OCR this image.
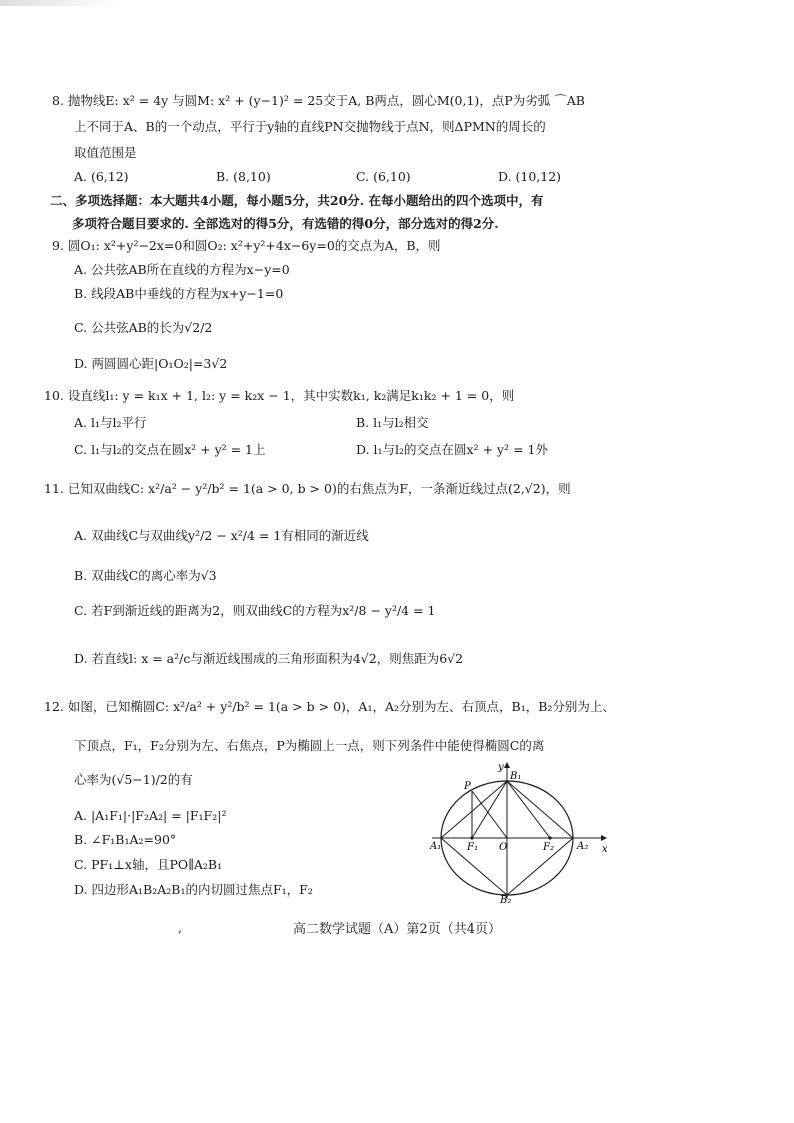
8. 抛物线E: x² = 4y 与圆M: x² + (y−1)² = 25交于A, B两点，圆心M(0,1)，点P为劣弧 ⌒AB
上不同于A、B的一个动点，平行于y轴的直线PN交抛物线于点N，则ΔPMN的周长的
取值范围是
A. (6,12)	B. (8,10)	C. (6,10)	D. (10,12)
二、多项选择题：本大题共4小题，每小题5分，共20分. 在每小题给出的四个选项中，有
多项符合题目要求的. 全部选对的得5分，有选错的得0分，部分选对的得2分.
9. 圆O₁: x²+y²−2x=0和圆O₂: x²+y²+4x−6y=0的交点为A，B，则
A. 公共弦AB所在直线的方程为x−y=0
B. 线段AB中垂线的方程为x+y−1=0
C. 公共弦AB的长为√2/2
D. 两圆圆心距|O₁O₂|=3√2
10. 设直线l₁: y = k₁x + 1, l₂: y = k₂x − 1，其中实数k₁, k₂满足k₁k₂ + 1 = 0，则
A. l₁与l₂平行	B. l₁与l₂相交
C. l₁与l₂的交点在圆x² + y² = 1上	D. l₁与l₂的交点在圆x² + y² = 1外
11. 已知双曲线C: x²/a² − y²/b² = 1(a > 0, b > 0)的右焦点为F，一条渐近线过点(2,√2)，则
A. 双曲线C与双曲线y²/2 − x²/4 = 1有相同的渐近线
B. 双曲线C的离心率为√3
C. 若F到渐近线的距离为2，则双曲线C的方程为x²/8 − y²/4 = 1
D. 若直线l: x = a²/c与渐近线围成的三角形面积为4√2，则焦距为6√2
12. 如图，已知椭圆C: x²/a² + y²/b² = 1(a > b > 0)，A₁，A₂分别为左、右顶点，B₁，B₂分别为上、
下顶点，F₁，F₂分别为左、右焦点，P为椭圆上一点，则下列条件中能使得椭圆C的离
心率为(√5−1)/2的有
A. |A₁F₁|·|F₂A₂| = |F₁F₂|²
B. ∠F₁B₁A₂=90°
C. PF₁⊥x轴，且PO∥A₂B₁
D. 四边形A₁B₂A₂B₁的内切圆过焦点F₁，F₂
y
x
B₁
B₂
A₁	A₂
F₁	F₂
O
P
,	高二数学试题（A）第2页（共4页）
